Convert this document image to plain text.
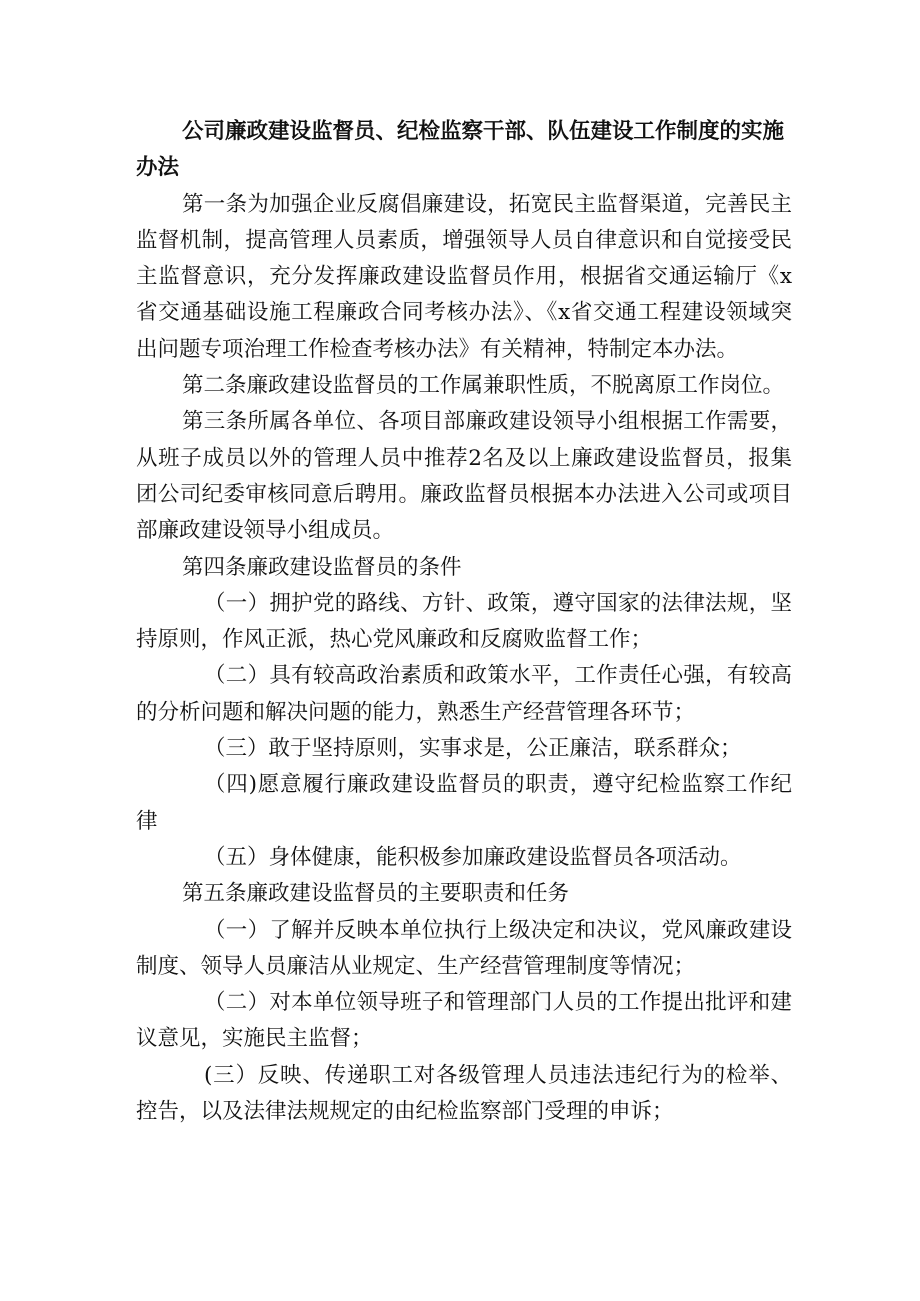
公司廉政建设监督员、纪检监察干部、队伍建设工作制度的实施办法

第一条为加强企业反腐倡廉建设，拓宽民主监督渠道，完善民主监督机制，提高管理人员素质，增强领导人员自律意识和自觉接受民主监督意识，充分发挥廉政建设监督员作用，根据省交通运输厅《x省交通基础设施工程廉政合同考核办法》、《x省交通工程建设领域突出问题专项治理工作检查考核办法》有关精神，特制定本办法。

第二条廉政建设监督员的工作属兼职性质，不脱离原工作岗位。

第三条所属各单位、各项目部廉政建设领导小组根据工作需要，从班子成员以外的管理人员中推荐2名及以上廉政建设监督员，报集团公司纪委审核同意后聘用。廉政监督员根据本办法进入公司或项目部廉政建设领导小组成员。

第四条廉政建设监督员的条件

（一）拥护党的路线、方针、政策，遵守国家的法律法规，坚持原则，作风正派，热心党风廉政和反腐败监督工作；

（二）具有较高政治素质和政策水平，工作责任心强，有较高的分析问题和解决问题的能力，熟悉生产经营管理各环节；

（三）敢于坚持原则，实事求是，公正廉洁，联系群众；

（四)愿意履行廉政建设监督员的职责，遵守纪检监察工作纪律

（五）身体健康，能积极参加廉政建设监督员各项活动。

第五条廉政建设监督员的主要职责和任务

（一）了解并反映本单位执行上级决定和决议，党风廉政建设制度、领导人员廉洁从业规定、生产经营管理制度等情况；

（二）对本单位领导班子和管理部门人员的工作提出批评和建议意见，实施民主监督；

(三）反映、传递职工对各级管理人员违法违纪行为的检举、控告，以及法律法规规定的由纪检监察部门受理的申诉；
